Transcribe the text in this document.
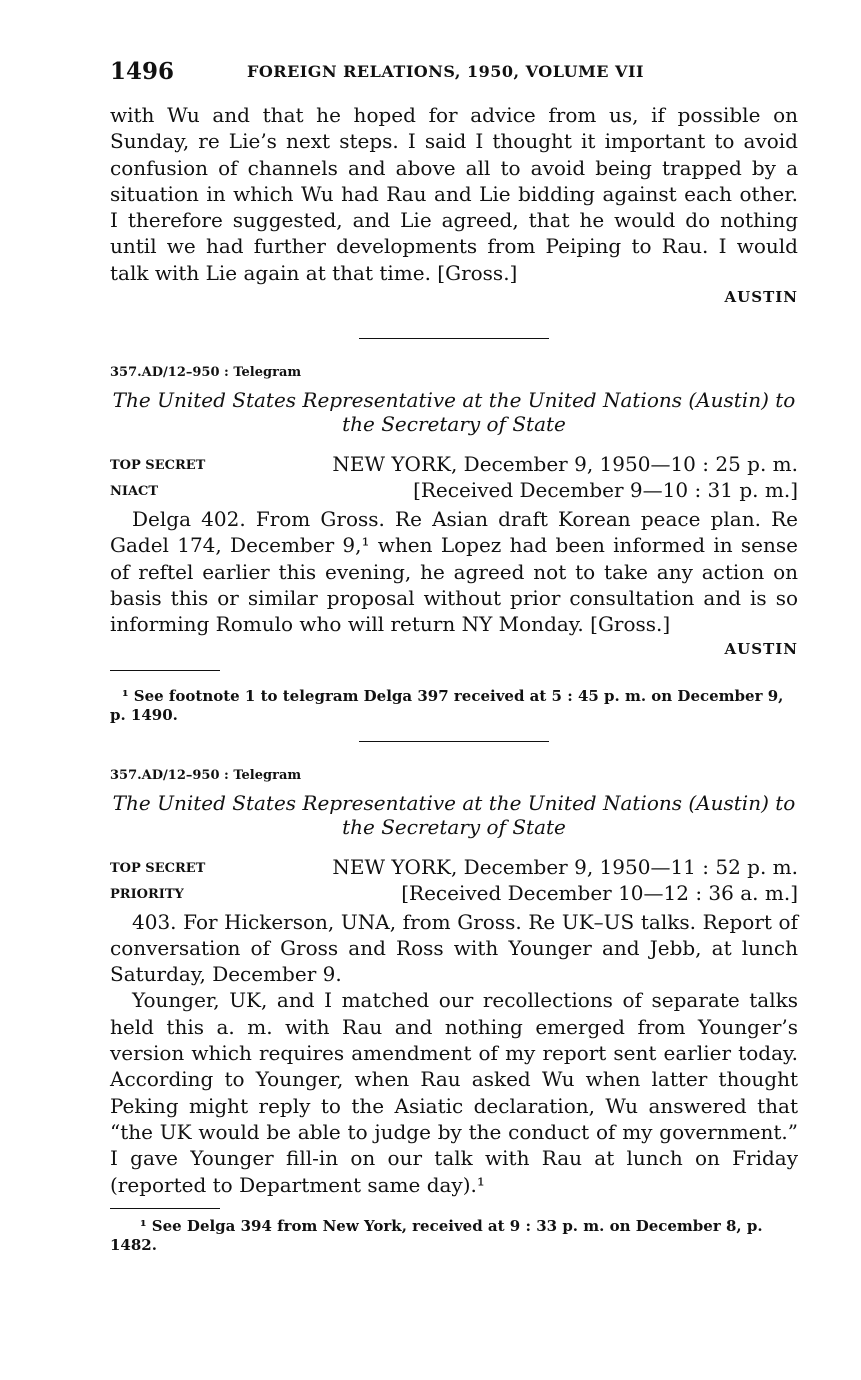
1496	FOREIGN RELATIONS, 1950, VOLUME VII

with Wu and that he hoped for advice from us, if possible on Sunday, re Lie’s next steps. I said I thought it important to avoid confusion of channels and above all to avoid being trapped by a situation in which Wu had Rau and Lie bidding against each other. I therefore suggested, and Lie agreed, that he would do nothing until we had further developments from Peiping to Rau. I would talk with Lie again at that time. [Gross.]

AUSTIN
357.AD/12–950 : Telegram
The United States Representative at the United Nations (Austin) to
the Secretary of State
TOP SECRET	NEW YORK, December 9, 1950—10 : 25 p. m.
NIACT	[Received December 9—10 : 31 p. m.]

Delga 402. From Gross. Re Asian draft Korean peace plan. Re Gadel 174, December 9,¹ when Lopez had been informed in sense of reftel earlier this evening, he agreed not to take any action on basis this or similar proposal without prior consultation and is so informing Romulo who will return NY Monday. [Gross.]

AUSTIN
¹ See footnote 1 to telegram Delga 397 received at 5 : 45 p. m. on December 9, p. 1490.
357.AD/12–950 : Telegram
The United States Representative at the United Nations (Austin) to
the Secretary of State
TOP SECRET	NEW YORK, December 9, 1950—11 : 52 p. m.
PRIORITY	[Received December 10—12 : 36 a. m.]

403. For Hickerson, UNA, from Gross. Re UK–US talks. Report of conversation of Gross and Ross with Younger and Jebb, at lunch Saturday, December 9.

Younger, UK, and I matched our recollections of separate talks held this a. m. with Rau and nothing emerged from Younger’s version which requires amendment of my report sent earlier today. According to Younger, when Rau asked Wu when latter thought Peking might reply to the Asiatic declaration, Wu answered that “the UK would be able to judge by the conduct of my government.” I gave Younger fill-in on our talk with Rau at lunch on Friday (reported to Department same day).¹

¹ See Delga 394 from New York, received at 9 : 33 p. m. on December 8, p. 1482.
